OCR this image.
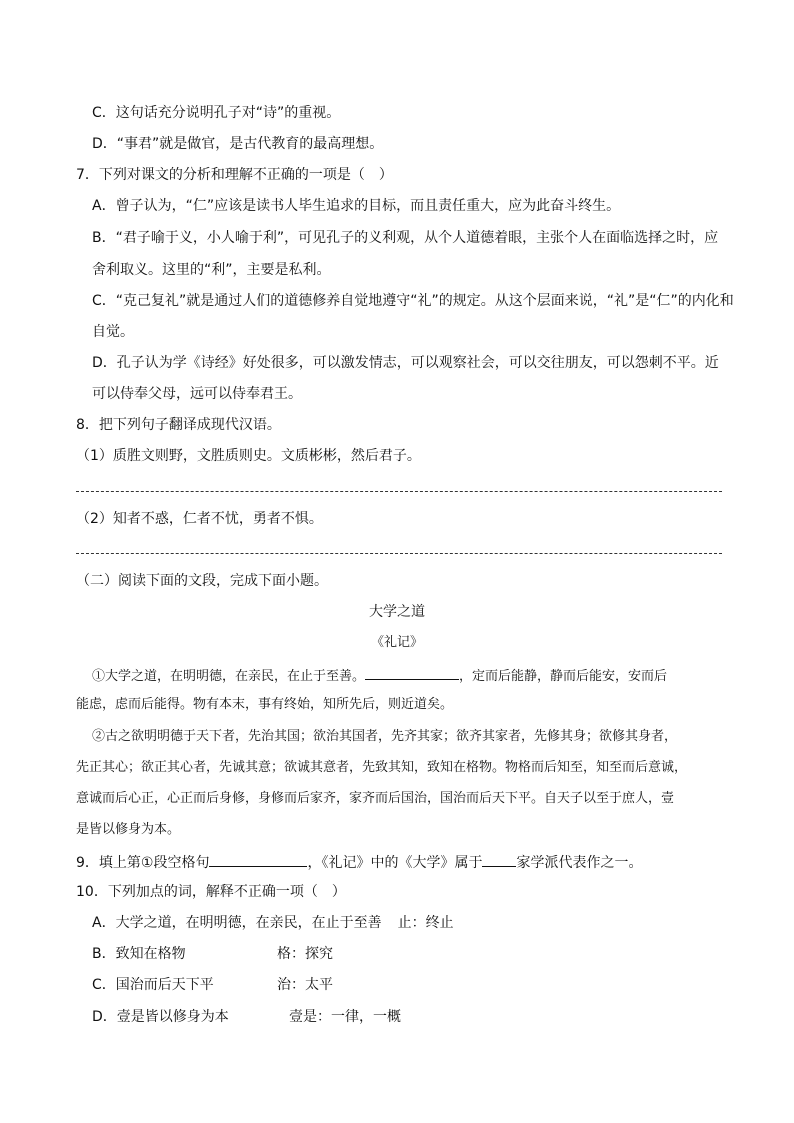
C．这句话充分说明孔子对“诗”的重视。
D．“事君”就是做官，是古代教育的最高理想。
7．下列对课文的分析和理解不正确的一项是（　）
A．曾子认为，“仁”应该是读书人毕生追求的目标，而且责任重大，应为此奋斗终生。
B．“君子喻于义，小人喻于利”，可见孔子的义利观，从个人道德着眼，主张个人在面临选择之时，应
舍利取义。这里的“利”，主要是私利。
C．“克己复礼”就是通过人们的道德修养自觉地遵守“礼”的规定。从这个层面来说，“礼”是“仁”的内化和
自觉。
D．孔子认为学《诗经》好处很多，可以激发情志，可以观察社会，可以交往朋友，可以怨刺不平。近
可以侍奉父母，远可以侍奉君王。
8．把下列句子翻译成现代汉语。
（1）质胜文则野，文胜质则史。文质彬彬，然后君子。
（2）知者不惑，仁者不忧，勇者不惧。
（二）阅读下面的文段，完成下面小题。
大学之道
《礼记》
①大学之道，在明明德，在亲民，在止于至善。	，定而后能静，静而后能安，安而后
能虑，虑而后能得。物有本末，事有终始，知所先后，则近道矣。
②古之欲明明德于天下者，先治其国；欲治其国者，先齐其家；欲齐其家者，先修其身；欲修其身者，
先正其心；欲正其心者，先诚其意；欲诚其意者，先致其知，致知在格物。物格而后知至，知至而后意诚，
意诚而后心正，心正而后身修，身修而后家齐，家齐而后国治，国治而后天下平。自天子以至于庶人，壹
是皆以修身为本。
9．填上第①段空格句	，《礼记》中的《大学》属于 家学派代表作之一。
10．下列加点的词，解释不正确一项（　）
A．大学之道，在明明德，在亲民，在止于至善 止：终止
B．致知在格物	格：探究
C．国治而后天下平	治：太平
D．壹是皆以修身为本	壹是：一律，一概
